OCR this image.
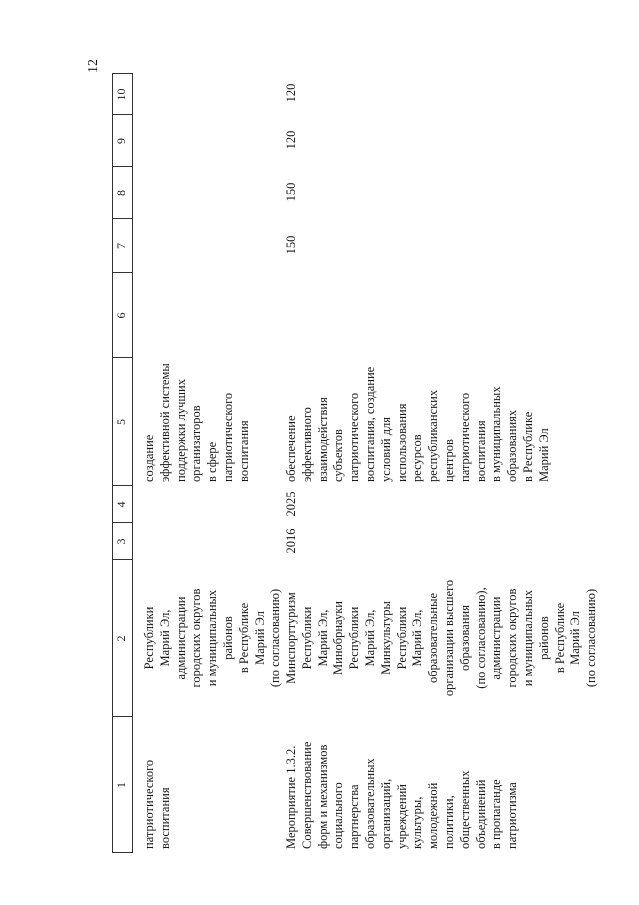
12
1
2
3
4
5
6
7
8
9
10
патриотического
воспитания
Республики
Марий Эл,
администрации
городских округов
и муниципальных
районов
в Республике
Марий Эл
(по согласованию)
создание
эффективной системы
поддержки лучших
организаторов
в сфере
патриотического
воспитания
Мероприятие 1.3.2.
Совершенствование
форм и механизмов
социального
партнерства
образовательных
организаций,
учреждений
культуры,
молодежной
политики,
общественных
объединений
в пропаганде
патриотизма
Минспорттуризм
Республики
Марий Эл,
Минобрнауки
Республики
Марий Эл,
Минкультуры
Республики
Марий Эл,
образовательные
организации высшего
образования
(по согласованию),
администрации
городских округов
и муниципальных
районов
в Республике
Марий Эл
(по согласованию)
2016
2025
обеспечение
эффективного
взаимодействия
субъектов
патриотического
воспитания, создание
условий для
использования
ресурсов
республиканских
центров
патриотического
воспитания
в муниципальных
образованиях
в Республике
Марий Эл
150
150
120
120
